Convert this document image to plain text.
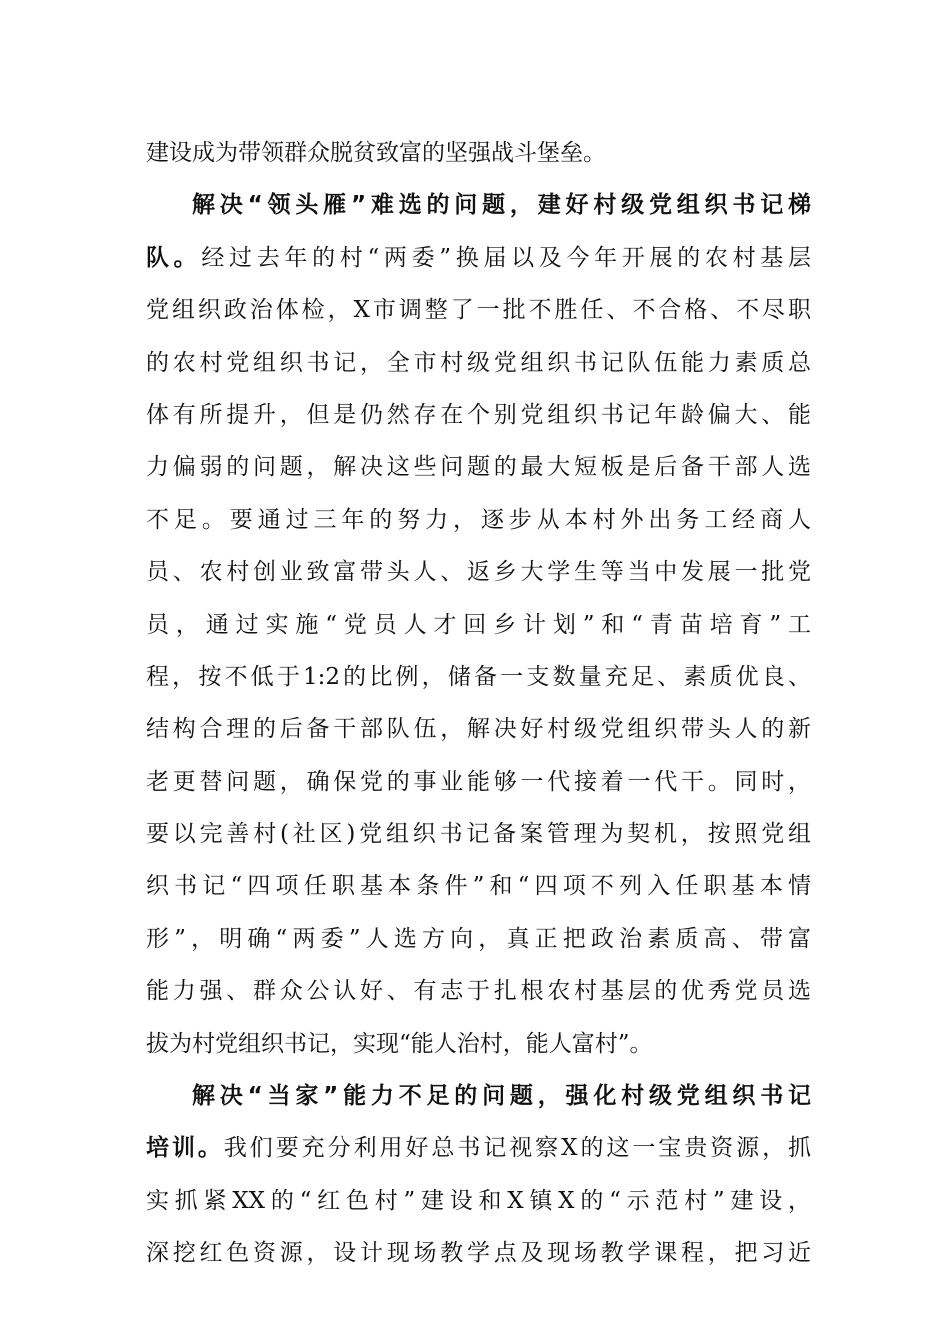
建设成为带领群众脱贫致富的坚强战斗堡垒。
解决“领头雁”难选的问题，建好村级党组织书记梯
队。经过去年的村“两委”换届以及今年开展的农村基层
党组织政治体检，X市调整了一批不胜任、不合格、不尽职
的农村党组织书记，全市村级党组织书记队伍能力素质总
体有所提升，但是仍然存在个别党组织书记年龄偏大、能
力偏弱的问题，解决这些问题的最大短板是后备干部人选
不足。要通过三年的努力，逐步从本村外出务工经商人
员、农村创业致富带头人、返乡大学生等当中发展一批党
员，通过实施“党员人才回乡计划”和“青苗培育”工
程，按不低于1:2的比例，储备一支数量充足、素质优良、
结构合理的后备干部队伍，解决好村级党组织带头人的新
老更替问题，确保党的事业能够一代接着一代干。同时，
要以完善村(社区)党组织书记备案管理为契机，按照党组
织书记“四项任职基本条件”和“四项不列入任职基本情
形”，明确“两委”人选方向，真正把政治素质高、带富
能力强、群众公认好、有志于扎根农村基层的优秀党员选
拔为村党组织书记，实现“能人治村，能人富村”。
解决“当家”能力不足的问题，强化村级党组织书记
培训。我们要充分利用好总书记视察X的这一宝贵资源，抓
实抓紧XX的“红色村”建设和X镇X的“示范村”建设，
深挖红色资源，设计现场教学点及现场教学课程，把习近
